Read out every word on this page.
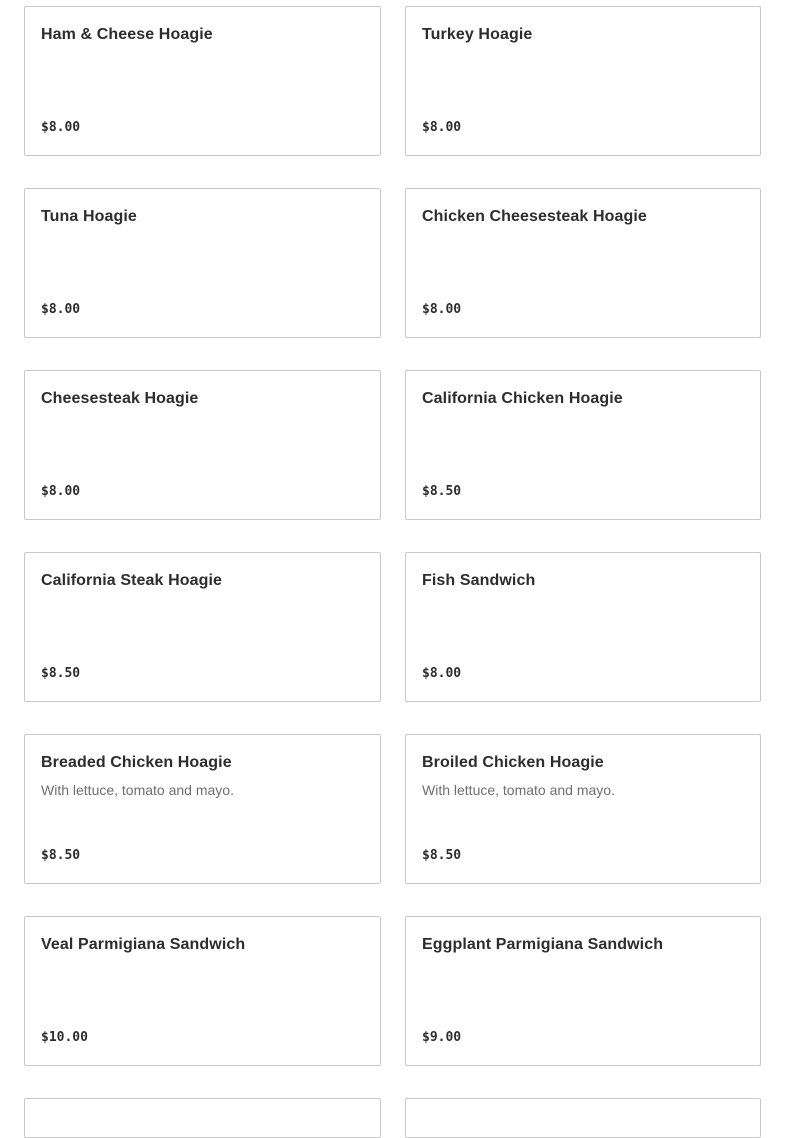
Ham & Cheese Hoagie
$8.00
Turkey Hoagie
$8.00
Tuna Hoagie
$8.00
Chicken Cheesesteak Hoagie
$8.00
Cheesesteak Hoagie
$8.00
California Chicken Hoagie
$8.50
California Steak Hoagie
$8.50
Fish Sandwich
$8.00
Breaded Chicken Hoagie
With lettuce, tomato and mayo.
$8.50
Broiled Chicken Hoagie
With lettuce, tomato and mayo.
$8.50
Veal Parmigiana Sandwich
$10.00
Eggplant Parmigiana Sandwich
$9.00
